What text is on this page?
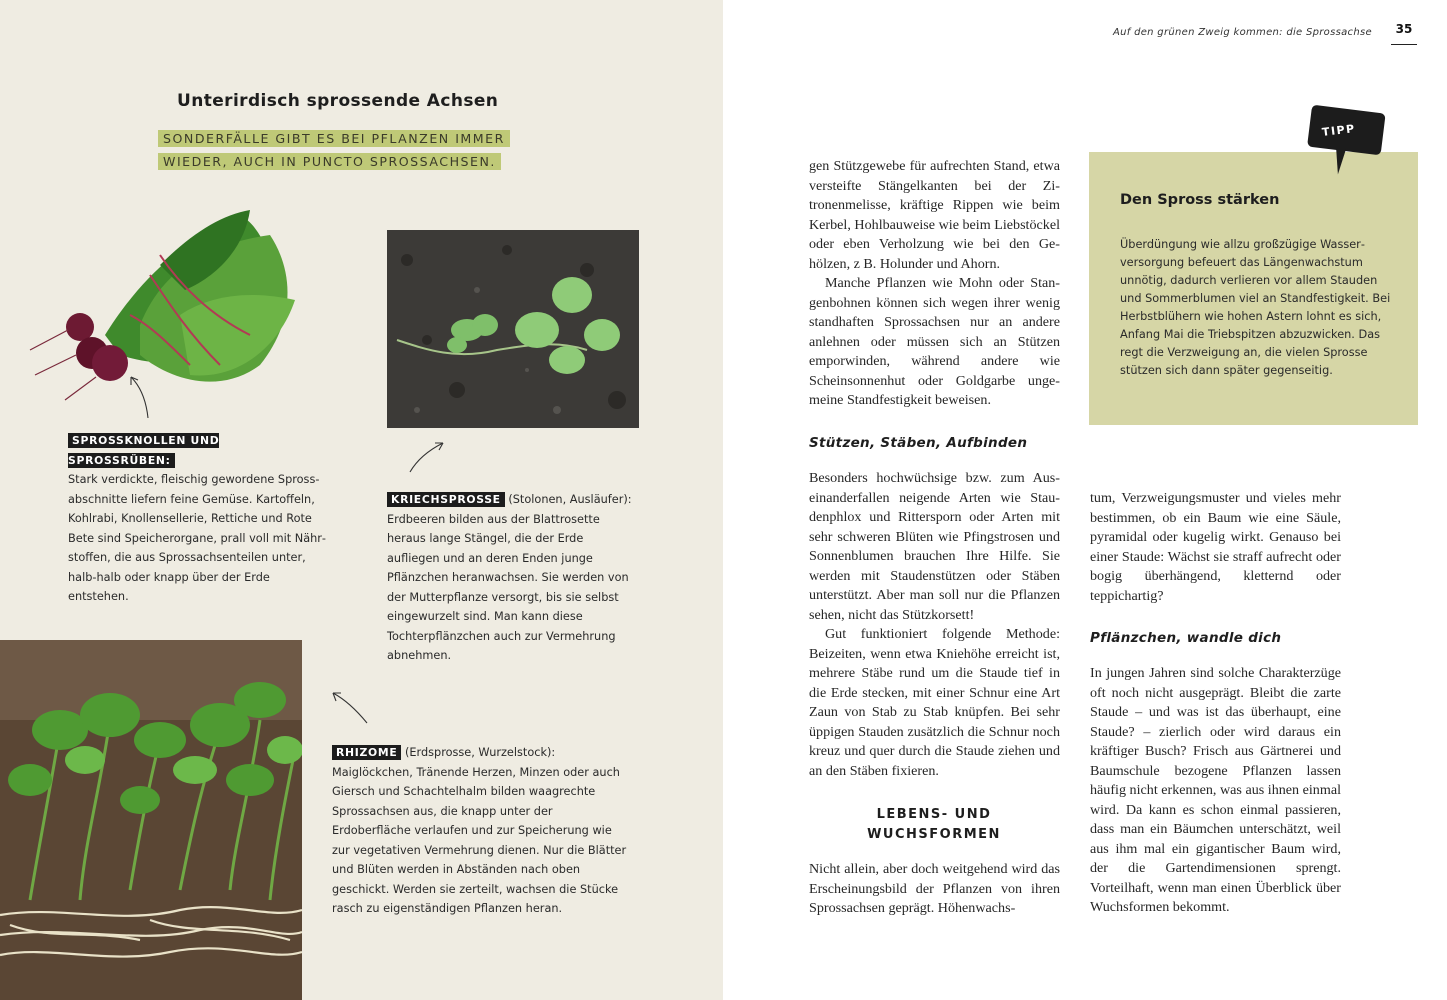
Unterirdisch sprossende Achsen
SONDERFÄLLE GIBT ES BEI PFLANZEN IMMER
WIEDER, AUCH IN PUNCTO SPROSSACHSEN.
SPROSSKNOLLEN UND SPROSSRÜBEN:
Stark verdickte, fleischig gewordene Sprossabschnitte liefern feine Gemüse. Kartoffeln, Kohlrabi, Knollensellerie, Rettiche und Rote Bete sind Speicherorgane, prall voll mit Nährstoffen, die aus Sprossachsenteilen unter, halb-halb oder knapp über der Erde entstehen.
KRIECHSPROSSE (Stolonen, Ausläufer):
Erdbeeren bilden aus der Blattrosette heraus lange Stängel, die der Erde aufliegen und an deren Enden junge Pflänzchen heranwachsen. Sie werden von der Mutterpflanze versorgt, bis sie selbst eingewurzelt sind. Man kann diese Tochterpflänzchen auch zur Vermehrung abnehmen.
RHIZOME (Erdsprosse, Wurzelstock):
Maiglöckchen, Tränende Herzen, Minzen oder auch Giersch und Schachtelhalm bilden waagrechte Sprossachsen aus, die knapp unter der Erdoberfläche verlaufen und zur Speicherung wie zur vegetativen Vermehrung dienen. Nur die Blätter und Blüten werden in Abständen nach oben geschickt. Werden sie zerteilt, wachsen die Stücke rasch zu eigenständigen Pflanzen heran.
Auf den grünen Zweig kommen: die Sprossachse	35

gen Stützgewebe für aufrechten Stand, etwa versteifte Stängelkanten bei der Zitronenmelisse, kräftige Rippen wie beim Kerbel, Hohlbauweise wie beim Liebstöckel oder eben Verholzung wie bei den Gehölzen, z B. Holunder und Ahorn.

Manche Pflanzen wie Mohn oder Stangenbohnen können sich wegen ihrer wenig standhaften Sprossachsen nur an andere anlehnen oder müssen sich an Stützen emporwinden, während andere wie Scheinsonnenhut oder Goldgarbe ungemeine Standfestigkeit beweisen.

Stützen, Stäben, Aufbinden

Besonders hochwüchsige bzw. zum Auseinanderfallen neigende Arten wie Staudenphlox und Rittersporn oder Arten mit sehr schweren Blüten wie Pfingstrosen und Sonnenblumen brauchen Ihre Hilfe. Sie werden mit Staudenstützen oder Stäben unterstützt. Aber man soll nur die Pflanzen sehen, nicht das Stützkorsett!

Gut funktioniert folgende Methode: Beizeiten, wenn etwa Kniehöhe erreicht ist, mehrere Stäbe rund um die Staude tief in die Erde stecken, mit einer Schnur eine Art Zaun von Stab zu Stab knüpfen. Bei sehr üppigen Stauden zusätzlich die Schnur noch kreuz und quer durch die Staude ziehen und an den Stäben fixieren.

LEBENS- UND
WUCHSFORMEN

Nicht allein, aber doch weitgehend wird das Erscheinungsbild der Pflanzen von ihren Sprossachsen geprägt. Höhenwachs-

tum, Verzweigungsmuster und vieles mehr bestimmen, ob ein Baum wie eine Säule, pyramidal oder kugelig wirkt. Genauso bei einer Staude: Wächst sie straff aufrecht oder bogig überhängend, kletternd oder teppichartig?

Pflänzchen, wandle dich

In jungen Jahren sind solche Charakterzüge oft noch nicht ausgeprägt. Bleibt die zarte Staude – und was ist das überhaupt, eine Staude? – zierlich oder wird daraus ein kräftiger Busch? Frisch aus Gärtnerei und Baumschule bezogene Pflanzen lassen häufig nicht erkennen, was aus ihnen einmal wird. Da kann es schon einmal passieren, dass man ein Bäumchen unterschätzt, weil aus ihm mal ein gigantischer Baum wird, der die Gartendimensionen sprengt. Vorteilhaft, wenn man einen Überblick über Wuchsformen bekommt.

TIPP
Den Spross stärken
Überdüngung wie allzu großzügige Wasserversorgung befeuert das Längenwachstum unnötig, dadurch verlieren vor allem Stauden und Sommerblumen viel an Standfestigkeit. Bei Herbstblühern wie hohen Astern lohnt es sich, Anfang Mai die Triebspitzen abzuzwicken. Das regt die Verzweigung an, die vielen Sprosse stützen sich dann später gegenseitig.
